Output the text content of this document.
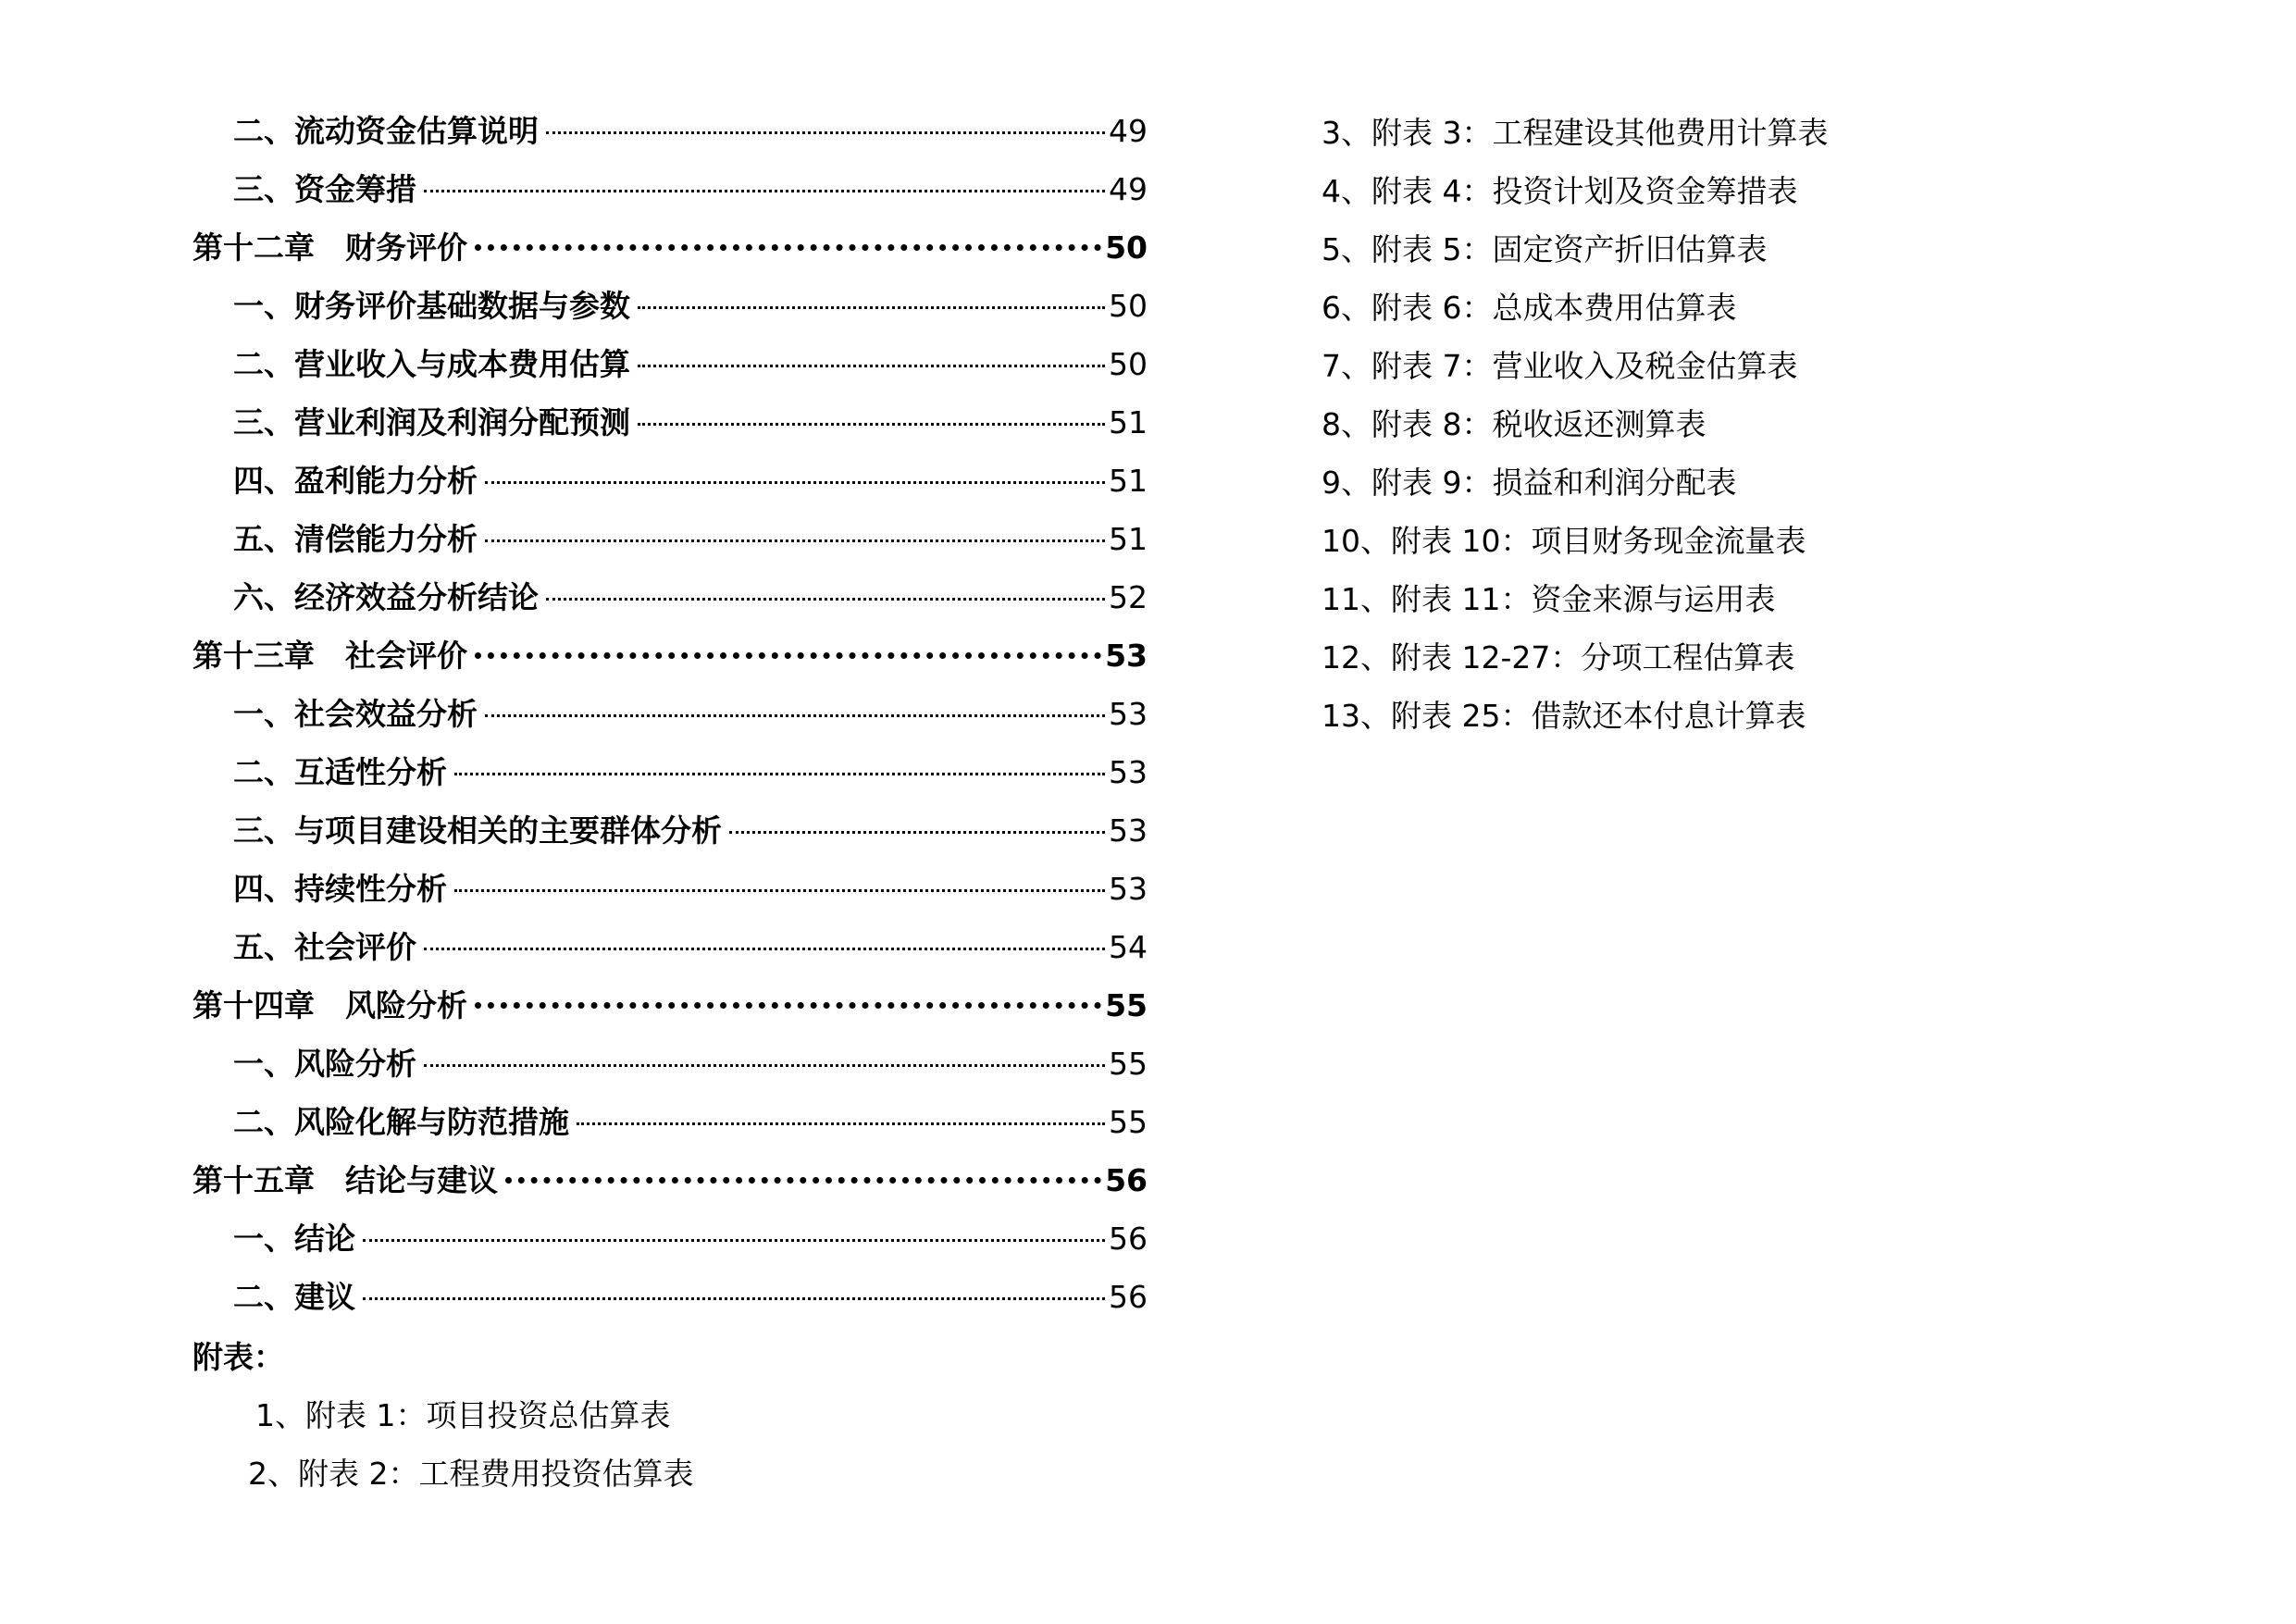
二、流动资金估算说明	49
三、资金筹措	49
第十二章　财务评价	50
一、财务评价基础数据与参数	50
二、营业收入与成本费用估算	50
三、营业利润及利润分配预测	51
四、盈利能力分析	51
五、清偿能力分析	51
六、经济效益分析结论	52
第十三章　社会评价	53
一、社会效益分析	53
二、互适性分析	53
三、与项目建设相关的主要群体分析	53
四、持续性分析	53
五、社会评价	54
第十四章　风险分析	55
一、风险分析	55
二、风险化解与防范措施	55
第十五章　结论与建议	56
一、结论	56
二、建议	56
附表：
1、附表 1：项目投资总估算表
2、附表 2：工程费用投资估算表
3、附表 3：工程建设其他费用计算表
4、附表 4：投资计划及资金筹措表
5、附表 5：固定资产折旧估算表
6、附表 6：总成本费用估算表
7、附表 7：营业收入及税金估算表
8、附表 8：税收返还测算表
9、附表 9：损益和利润分配表
10、附表 10：项目财务现金流量表
11、附表 11：资金来源与运用表
12、附表 12-27：分项工程估算表
13、附表 25：借款还本付息计算表
